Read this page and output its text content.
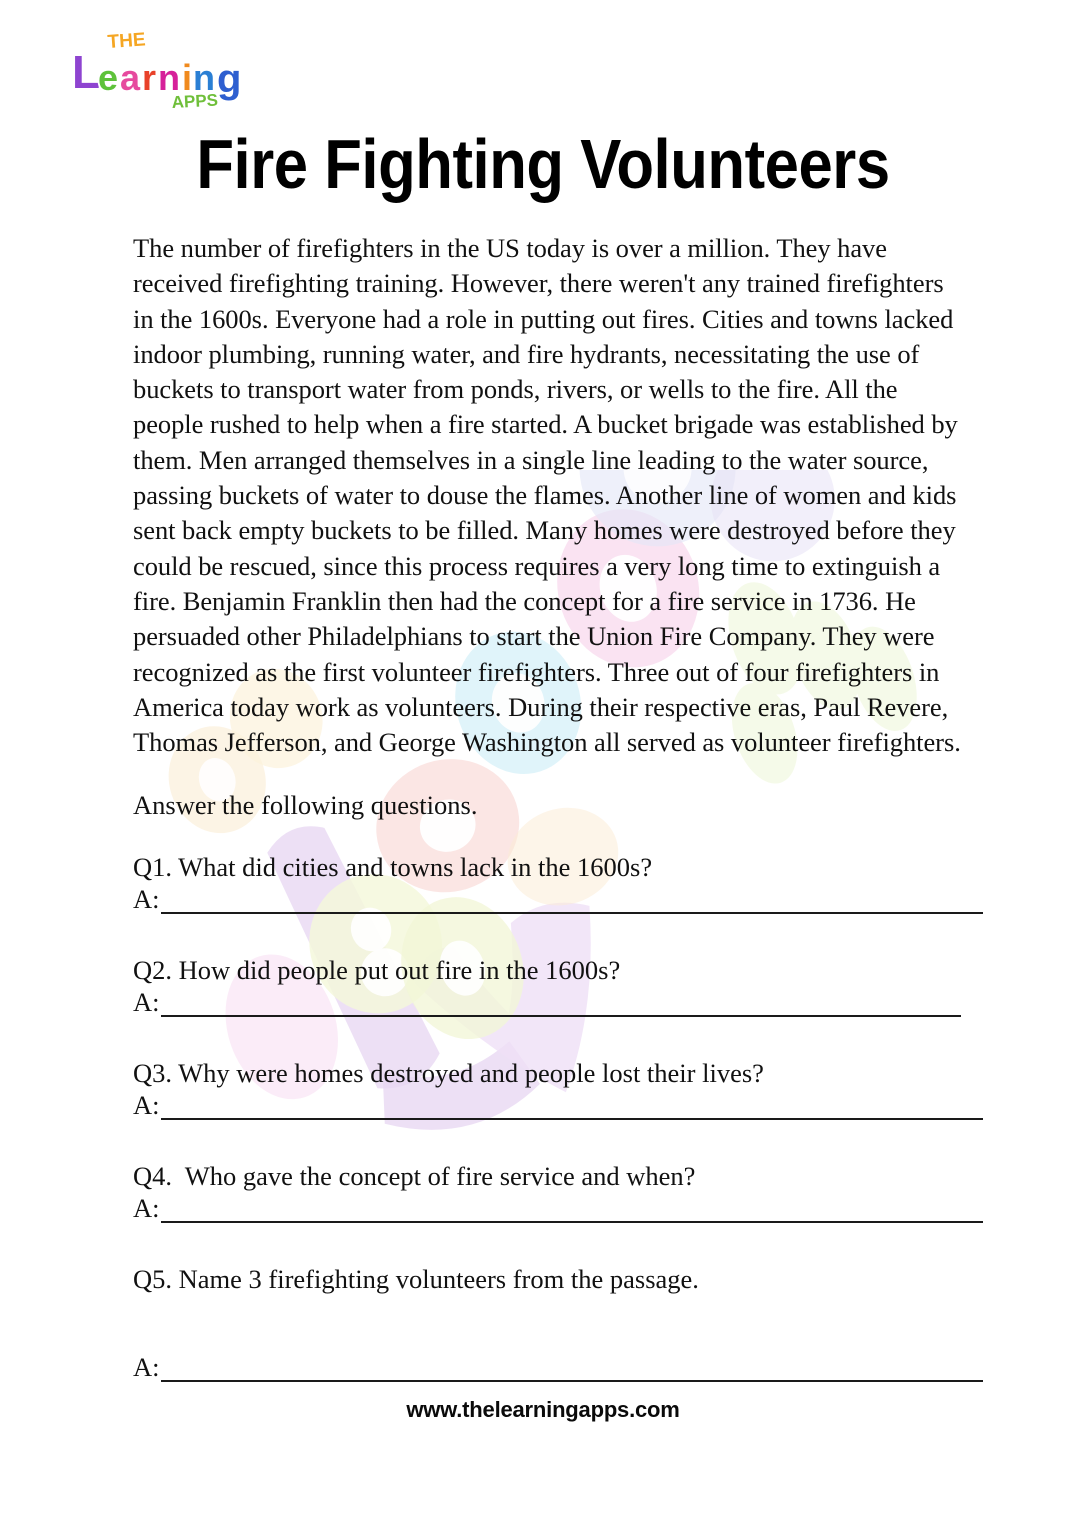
THE
L
e a r n i n g
APPS
Fire Fighting Volunteers

The number of firefighters in the US today is over a million. They have received firefighting training. However, there weren't any trained firefighters in the 1600s. Everyone had a role in putting out fires. Cities and towns lacked indoor plumbing, running water, and fire hydrants, necessitating the use of buckets to transport water from ponds, rivers, or wells to the fire. All the people rushed to help when a fire started. A bucket brigade was established by them. Men arranged themselves in a single line leading to the water source, passing buckets of water to douse the flames. Another line of women and kids sent back empty buckets to be filled. Many homes were destroyed before they could be rescued, since this process requires a very long time to extinguish a fire. Benjamin Franklin then had the concept for a fire service in 1736. He persuaded other Philadelphians to start the Union Fire Company. They were recognized as the first volunteer firefighters. Three out of four firefighters in America today work as volunteers. During their respective eras, Paul Revere, Thomas Jefferson, and George Washington all served as volunteer firefighters.

Answer the following questions.

Q1. What did cities and towns lack in the 1600s?
A:
Q2. How did people put out fire in the 1600s?
A:
Q3. Why were homes destroyed and people lost their lives?
A:
Q4.  Who gave the concept of fire service and when?
A:
Q5. Name 3 firefighting volunteers from the passage.
A:
www.thelearningapps.com
